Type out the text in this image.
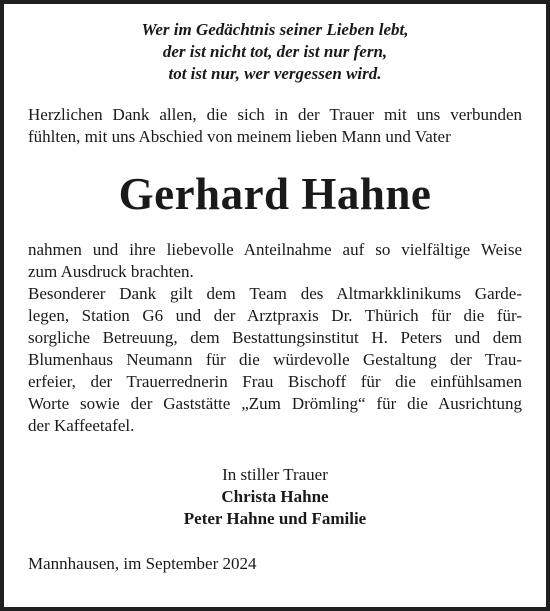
Wer im Gedächtnis seiner Lieben lebt,
der ist nicht tot, der ist nur fern,
tot ist nur, wer vergessen wird.
Herzlichen Dank allen, die sich in der Trauer mit uns verbunden
fühlten, mit uns Abschied von meinem lieben Mann und Vater
Gerhard Hahne
nahmen und ihre liebevolle Anteilnahme auf so vielfältige Weise
zum Ausdruck brachten.
Besonderer Dank gilt dem Team des Altmarkklinikums Garde-
legen, Station G6 und der Arztpraxis Dr. Thürich für die für-
sorgliche Betreuung, dem Bestattungsinstitut H. Peters und dem
Blumenhaus Neumann für die würdevolle Gestaltung der Trau-
erfeier, der Trauerrednerin Frau Bischoff für die einfühlsamen
Worte sowie der Gaststätte „Zum Drömling“ für die Ausrichtung
der Kaffeetafel.
In stiller Trauer
Christa Hahne
Peter Hahne und Familie
Mannhausen, im September 2024
